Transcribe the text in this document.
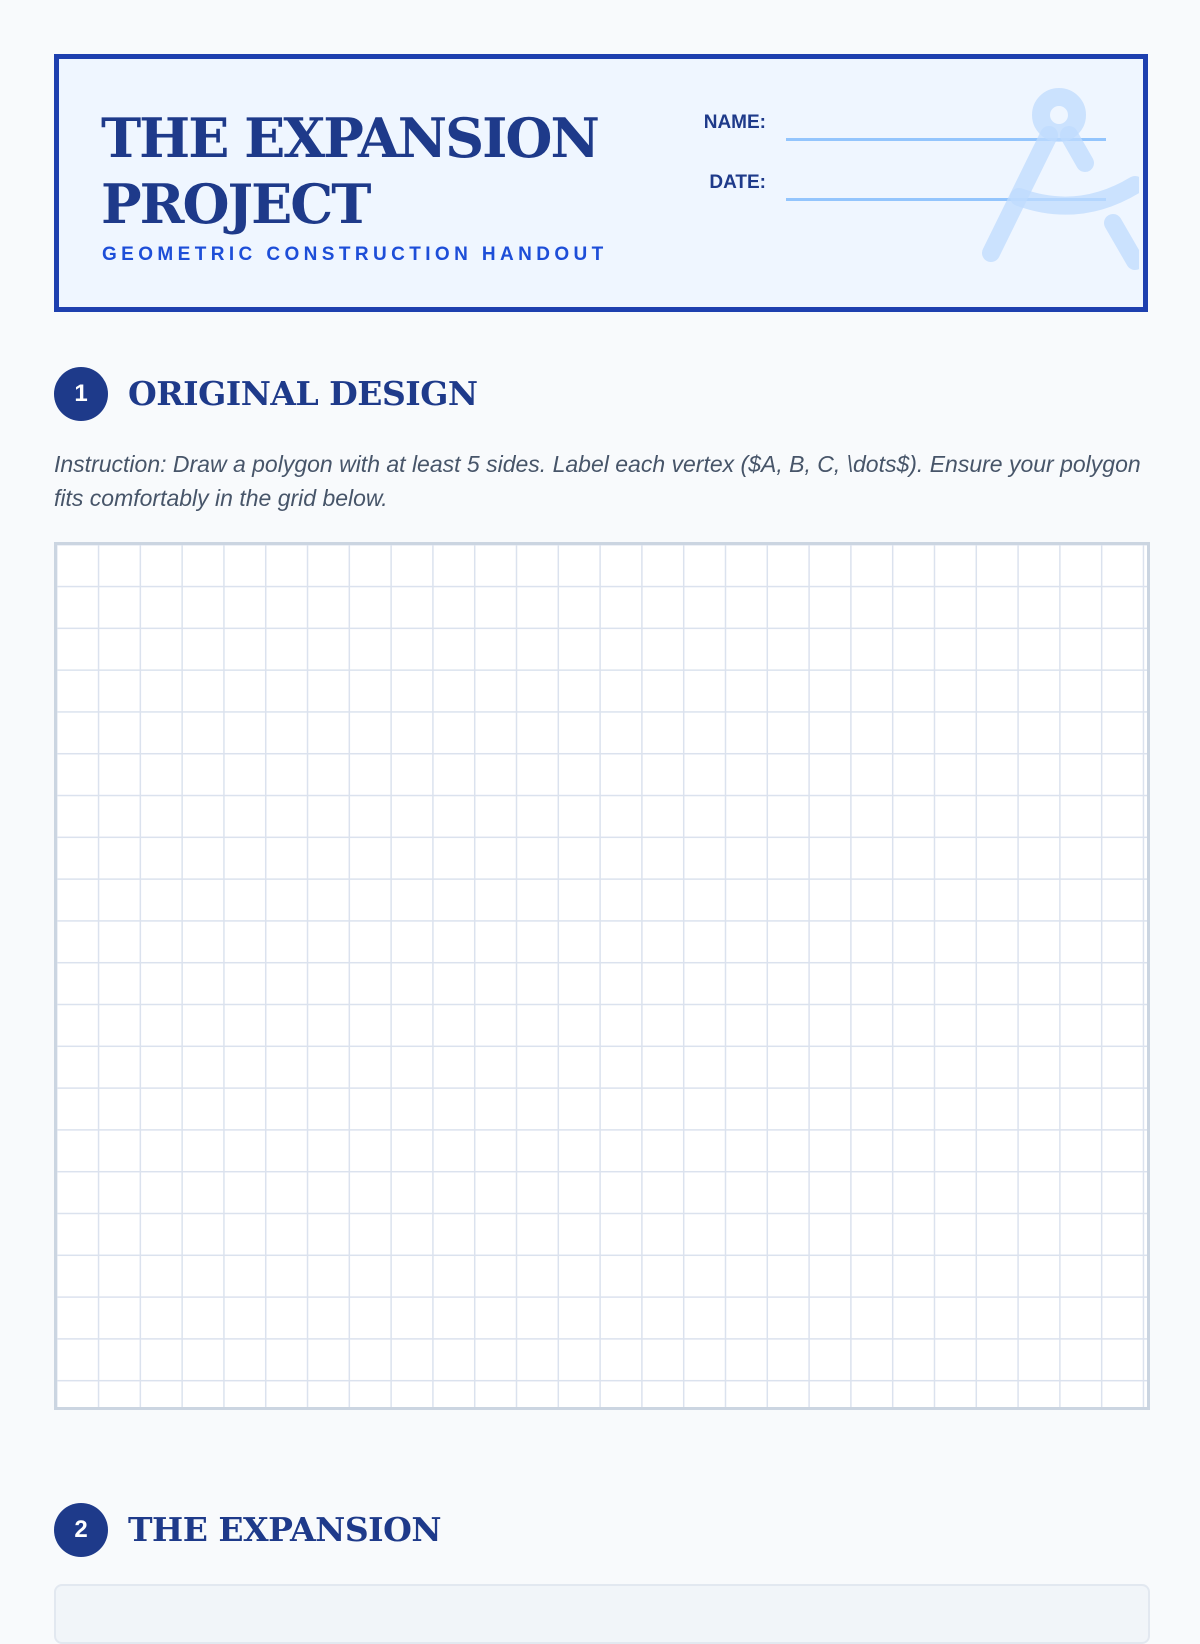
THE EXPANSION PROJECT

GEOMETRIC CONSTRUCTION HANDOUT

NAME:
DATE:
1	ORIGINAL DESIGN

Instruction: Draw a polygon with at least 5 sides. Label each vertex ($A, B, C, \dots$). Ensure your polygon fits comfortably in the grid below.

2	THE EXPANSION
